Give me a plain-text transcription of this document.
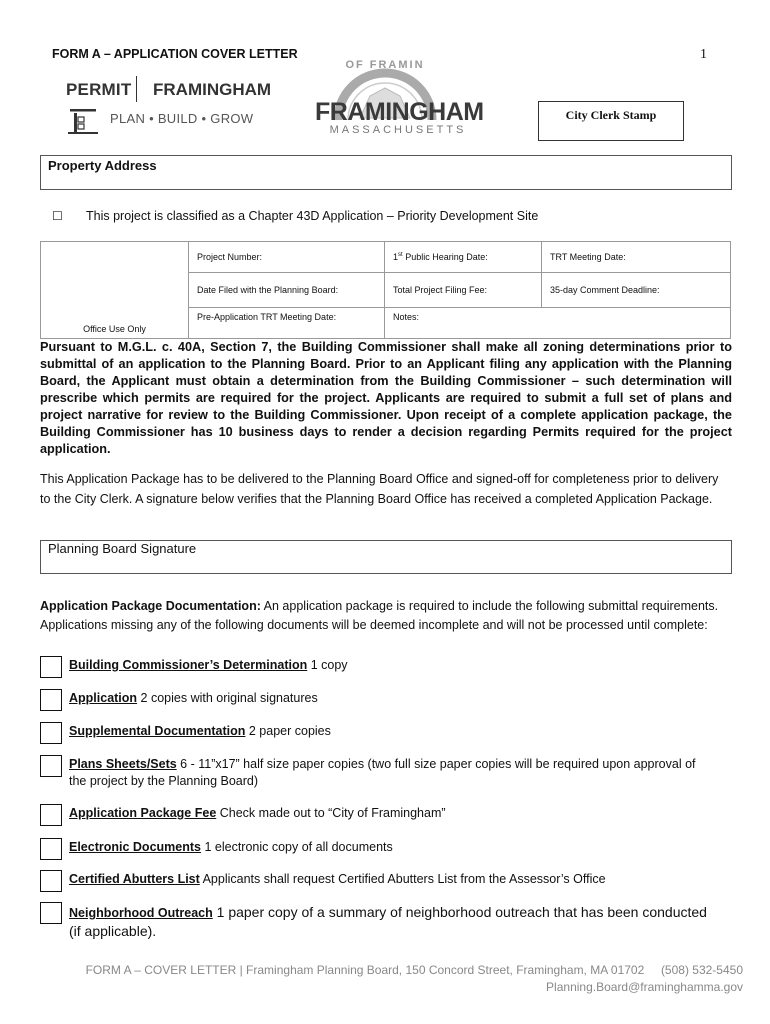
FORM A – APPLICATION COVER LETTER	1
PERMIT FRAMINGHAM
PLAN • BUILD • GROW
OF FRAMIN
FRAMINGHAM
MASSACHUSETTS
City Clerk Stamp
Property Address
☐ This project is classified as a Chapter 43D Application – Priority Development Site
Office Use Only	Project Number:	1st Public Hearing Date:	TRT Meeting Date:
	Date Filed with the Planning Board:	Total Project Filing Fee:	35-day Comment Deadline:
	Pre-Application TRT Meeting Date:	Notes:	
Pursuant to M.G.L. c. 40A, Section 7, the Building Commissioner shall make all zoning determinations prior to submittal of an application to the Planning Board. Prior to an Applicant filing any application with the Planning Board, the Applicant must obtain a determination from the Building Commissioner – such determination will prescribe which permits are required for the project. Applicants are required to submit a full set of plans and project narrative for review to the Building Commissioner. Upon receipt of a complete application package, the Building Commissioner has 10 business days to render a decision regarding Permits required for the project application.
This Application Package has to be delivered to the Planning Board Office and signed-off for completeness prior to delivery to the City Clerk. A signature below verifies that the Planning Board Office has received a completed Application Package.
Planning Board Signature
Application Package Documentation: An application package is required to include the following submittal requirements. Applications missing any of the following documents will be deemed incomplete and will not be processed until complete:
Building Commissioner’s Determination 1 copy
Application 2 copies with original signatures
Supplemental Documentation 2 paper copies
Plans Sheets/Sets 6 - 11”x17” half size paper copies (two full size paper copies will be required upon approval of the project by the Planning Board)
Application Package Fee Check made out to “City of Framingham”
Electronic Documents 1 electronic copy of all documents
Certified Abutters List Applicants shall request Certified Abutters List from the Assessor’s Office
Neighborhood Outreach 1 paper copy of a summary of neighborhood outreach that has been conducted (if applicable).
FORM A – COVER LETTER | Framingham Planning Board, 150 Concord Street, Framingham, MA 01702     (508) 532-5450
Planning.Board@framinghamma.gov
